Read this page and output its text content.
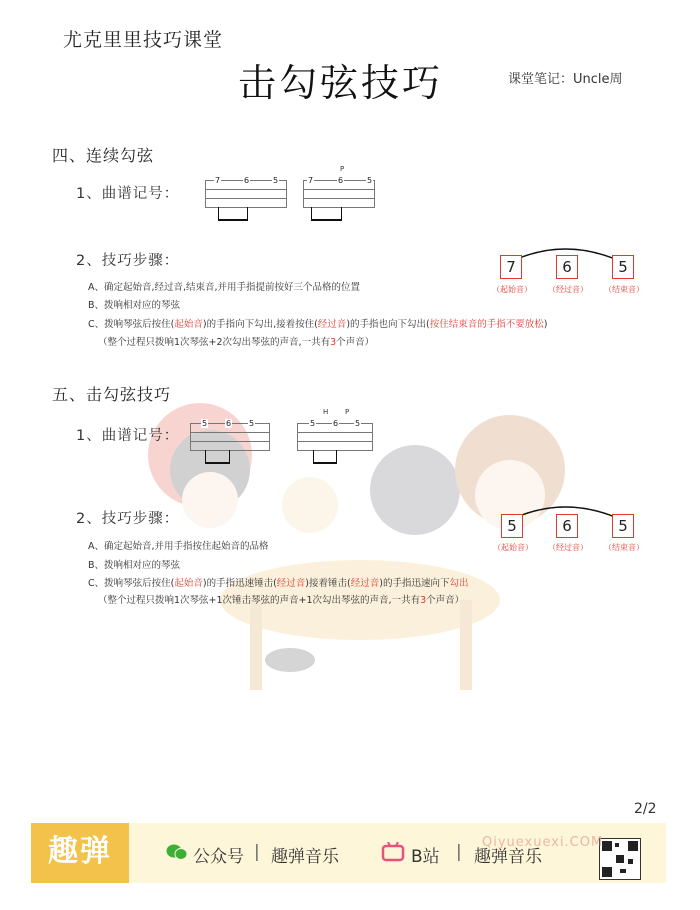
尤克里里技巧课堂
击勾弦技巧	课堂笔记：Uncle周
四、连续勾弦
1、曲谱记号：
7	6	5
P
7	6	5
2、技巧步骤：	7	6	5
（起始音） （经过音） （结束音）
A、确定起始音,经过音,结束音,并用手指提前按好三个品格的位置
B、拨响相对应的琴弦
C、拨响琴弦后按住(起始音)的手指向下勾出,接着按住(经过音)的手指也向下勾出(按住结束音的手指不要放松)
（整个过程只拨响1次琴弦+2次勾出琴弦的声音,一共有3个声音）
五、击勾弦技巧
1、曲谱记号：
5 6 5
H P
5 6 5
2、技巧步骤：	5	6	5
（起始音） （经过音） （结束音）
A、确定起始音,并用手指按住起始音的品格
B、拨响相对应的琴弦
C、拨响琴弦后按住(起始音)的手指迅速锤击(经过音)接着锤击(经过音)的手指迅速向下勾出
（整个过程只拨响1次琴弦+1次锤击琴弦的声音+1次勾出琴弦的声音,一共有3个声音）
2/2
趣弹	公众号 | 趣弹音乐	B站 | 趣弹音乐
Qiyuexuexi.COM
